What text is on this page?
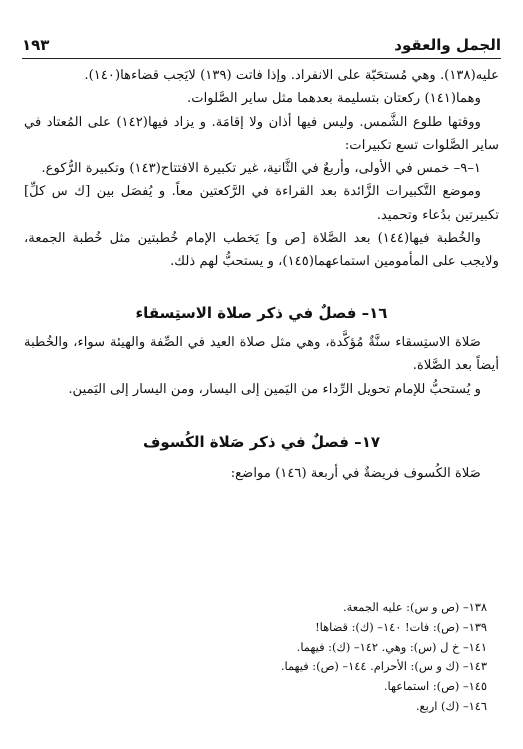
الجمل والعقود
١٩٣

عليه(١٣٨). وهي مُستحَبّة على الانفراد. وإذا فاتت (١٣٩) لايَجب قضاءها(١٤٠).

وهما(١٤١) ركعتان بتسليمة بعدهما مثل ساير الصَّلوات.

ووقتها طلوع الشَّمس. وليس فيها أذان ولا إقامَة. و يزاد فيها(١٤٢) على المُعتاد في ساير الصَّلوات تسع تكبيرات:

١–٩– خمس في الأولى، وأربعٌ في الثَّانية، غير تكبيرة الافتتاح(١٤٣) وتكبيرة الرُّكوع.

وموضع التَّكبيرات الزَّائدة بعد القراءة في الرَّكعتين معاً. و يُفصَل بين [ك س كلِّ] تكبيرتين بدُعاء وتحميد.

والخُطبة فيها(١٤٤) بعد الصَّلاة [ص و] يَخطب الإمام خُطبتين مثل خُطبة الجمعة، ولايجب على المأمومين استماعهما(١٤٥)، و يستحبُّ لهم ذلك.

١٦– فصلٌ في ذكر صلاة الاستِسقاء

صَلاة الاستِسقاء سنَّةٌ مُؤكَّدة، وهي مثل صلاة العيد في الصِّفة والهيئة سواء، والخُطبة أيضاً بعد الصَّلاة.

و يُستحبُّ للإمام تحويل الرِّداء من اليَمين إلى اليسار، ومن اليسار إلى اليَمين.

١٧– فصلٌ في ذكر صَلاة الكُسوف

صَلاة الكُسوف فريضةٌ في أربعة (١٤٦) مواضع:

١٣٨– (ص و س): عليه الجمعة.

١٣٩– (ص): فات! ١٤٠– (ك): قضاها!

١٤١– خ ل (س): وهي. ١٤٢– (ك): فيهما.

١٤٣– (ك و س): الأحرام. ١٤٤– (ص): فيهما.

١٤٥– (ص): استماعها.

١٤٦– (ك) اربع.
